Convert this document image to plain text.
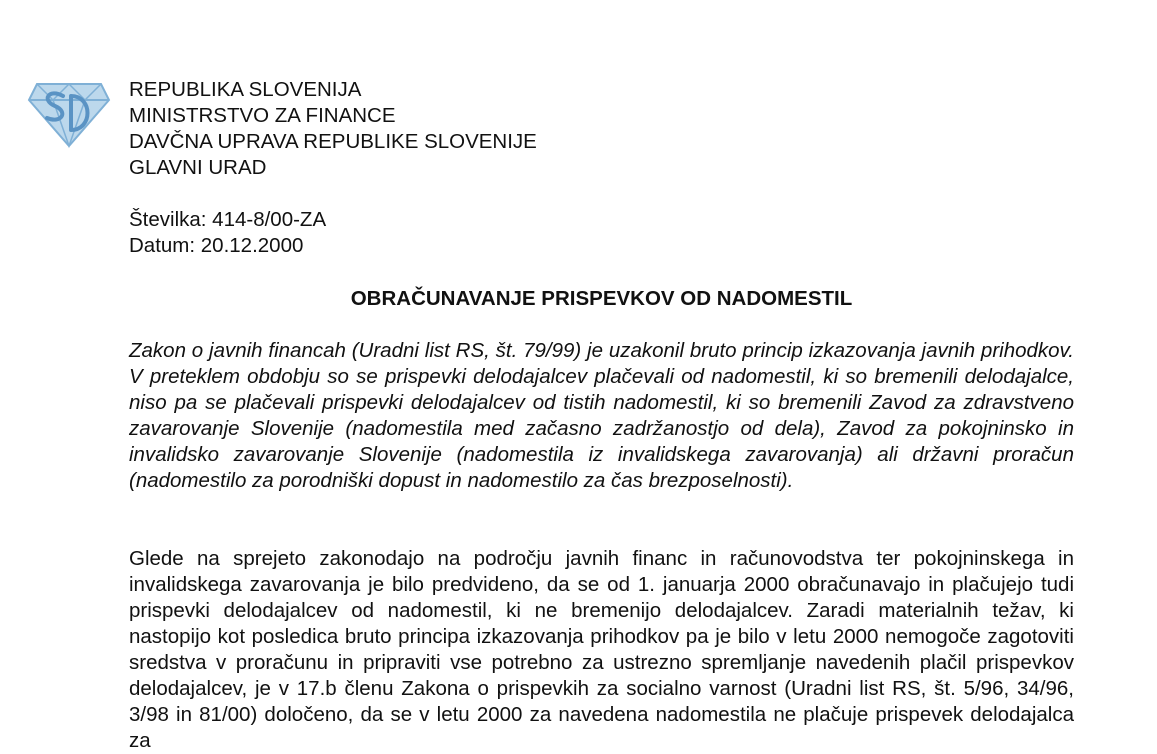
REPUBLIKA SLOVENIJA
MINISTRSTVO ZA FINANCE
DAVČNA UPRAVA REPUBLIKE SLOVENIJE
GLAVNI URAD
Številka: 414-8/00-ZA
Datum: 20.12.2000
OBRAČUNAVANJE PRISPEVKOV OD NADOMESTIL
Zakon o javnih financah (Uradni list RS, št. 79/99) je uzakonil bruto princip izkazovanja javnih prihodkov. V preteklem obdobju so se prispevki delodajalcev plačevali od nadomestil, ki so bremenili delodajalce, niso pa se plačevali prispevki delodajalcev od tistih nadomestil, ki so bremenili Zavod za zdravstveno zavarovanje Slovenije (nadomestila med začasno zadržanostjo od dela), Zavod za pokojninsko in invalidsko zavarovanje Slovenije (nadomestila iz invalidskega zavarovanja) ali državni proračun (nadomestilo za porodniški dopust in nadomestilo za čas brezposelnosti).
Glede na sprejeto zakonodajo na področju javnih financ in računovodstva ter pokojninskega in invalidskega zavarovanja je bilo predvideno, da se od 1. januarja 2000 obračunavajo in plačujejo tudi prispevki delodajalcev od nadomestil, ki ne bremenijo delodajalcev. Zaradi materialnih težav, ki nastopijo kot posledica bruto principa izkazovanja prihodkov pa je bilo v letu 2000 nemogoče zagotoviti sredstva v proračunu in pripraviti vse potrebno za ustrezno spremljanje navedenih plačil prispevkov delodajalcev, je v 17.b členu Zakona o prispevkih za socialno varnost (Uradni list RS, št. 5/96, 34/96, 3/98 in 81/00) določeno, da se v letu 2000 za navedena nadomestila ne plačuje prispevek delodajalca za
